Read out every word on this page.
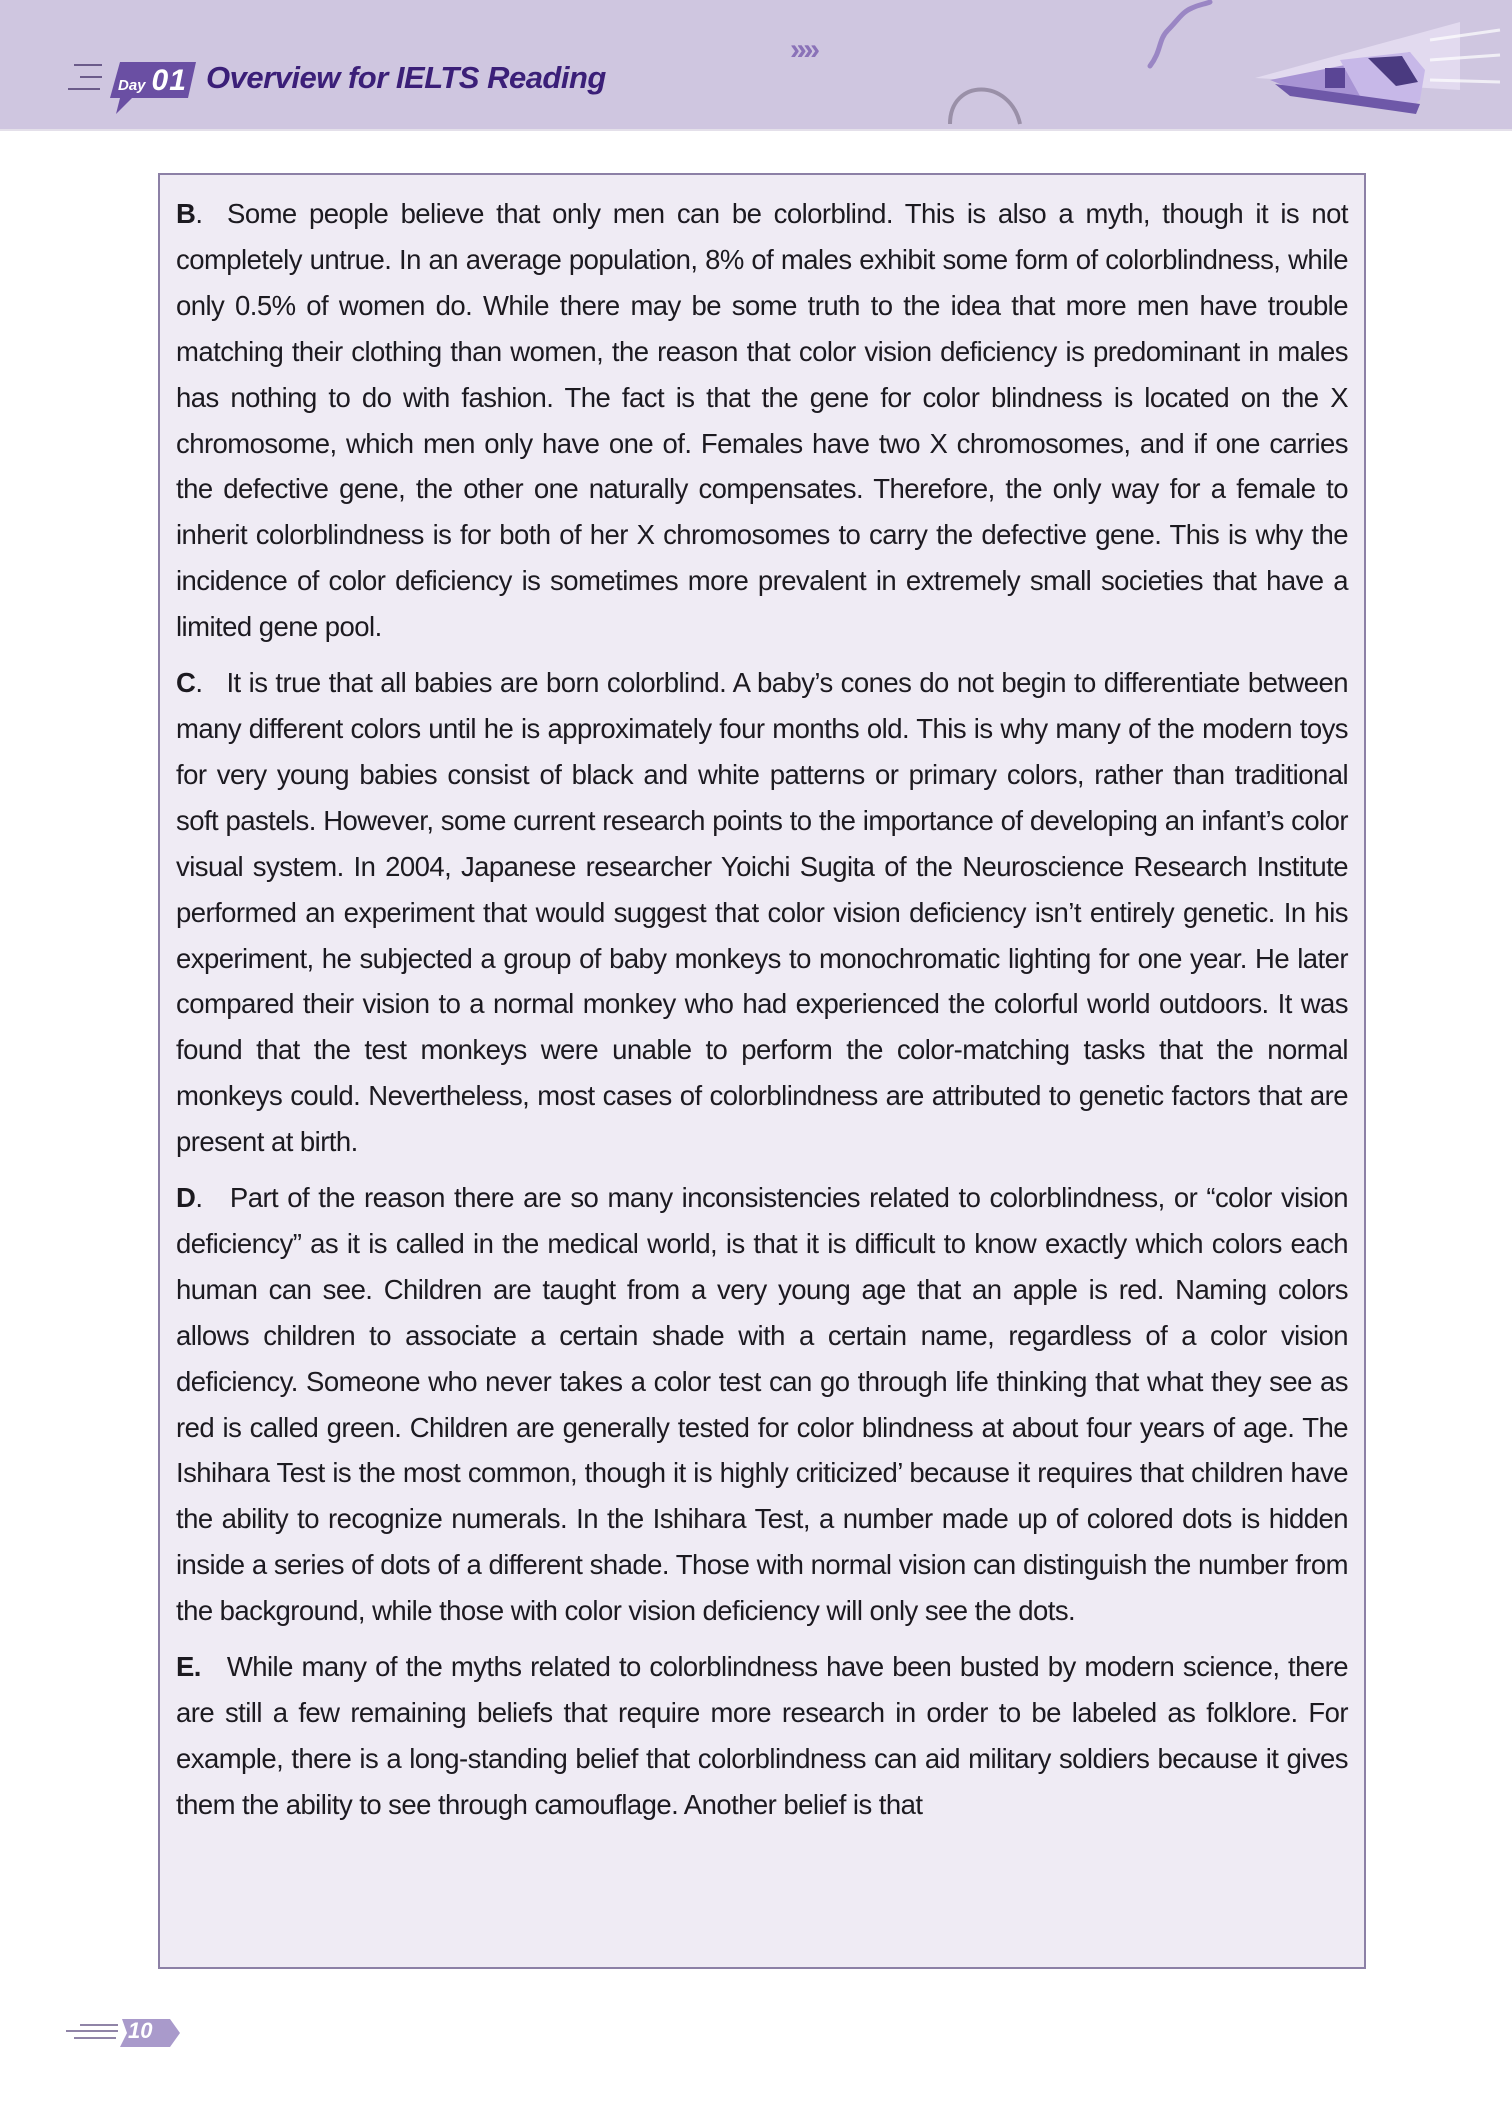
Day 01 Overview for IELTS Reading
»»»

B. Some people believe that only men can be colorblind. This is also a myth, though it is not completely untrue. In an average population, 8% of males exhibit some form of colorblindness, while only 0.5% of women do. While there may be some truth to the idea that more men have trouble matching their clothing than women, the reason that color vision deficiency is predominant in males has nothing to do with fashion. The fact is that the gene for color blindness is located on the X chromosome, which men only have one of. Females have two X chromosomes, and if one carries the defective gene, the other one naturally compensates. Therefore, the only way for a female to inherit colorblindness is for both of her X chromosomes to carry the defective gene. This is why the incidence of color deficiency is sometimes more prevalent in extremely small societies that have a limited gene pool.

C. It is true that all babies are born colorblind. A baby’s cones do not begin to differentiate between many different colors until he is approximately four months old. This is why many of the modern toys for very young babies consist of black and white patterns or primary colors, rather than traditional soft pastels. However, some current research points to the importance of developing an infant’s color visual system. In 2004, Japanese researcher Yoichi Sugita of the Neuroscience Research Institute performed an experiment that would suggest that color vision deficiency isn’t entirely genetic. In his experiment, he subjected a group of baby monkeys to monochromatic lighting for one year. He later compared their vision to a normal monkey who had experienced the colorful world outdoors. It was found that the test monkeys were unable to perform the color-matching tasks that the normal monkeys could. Nevertheless, most cases of colorblindness are attributed to genetic factors that are present at birth.

D. Part of the reason there are so many inconsistencies related to colorblindness, or “color vision deficiency” as it is called in the medical world, is that it is difficult to know exactly which colors each human can see. Children are taught from a very young age that an apple is red. Naming colors allows children to associate a certain shade with a certain name, regardless of a color vision deficiency. Someone who never takes a color test can go through life thinking that what they see as red is called green. Children are generally tested for color blindness at about four years of age. The Ishihara Test is the most common, though it is highly criticized’ because it requires that children have the ability to recognize numerals. In the Ishihara Test, a number made up of colored dots is hidden inside a series of dots of a different shade. Those with normal vision can distinguish the number from the background, while those with color vision deficiency will only see the dots.

E. While many of the myths related to colorblindness have been busted by modern science, there are still a few remaining beliefs that require more research in order to be labeled as folklore. For example, there is a long-standing belief that colorblindness can aid military soldiers because it gives them the ability to see through camouflage. Another belief is that

10
